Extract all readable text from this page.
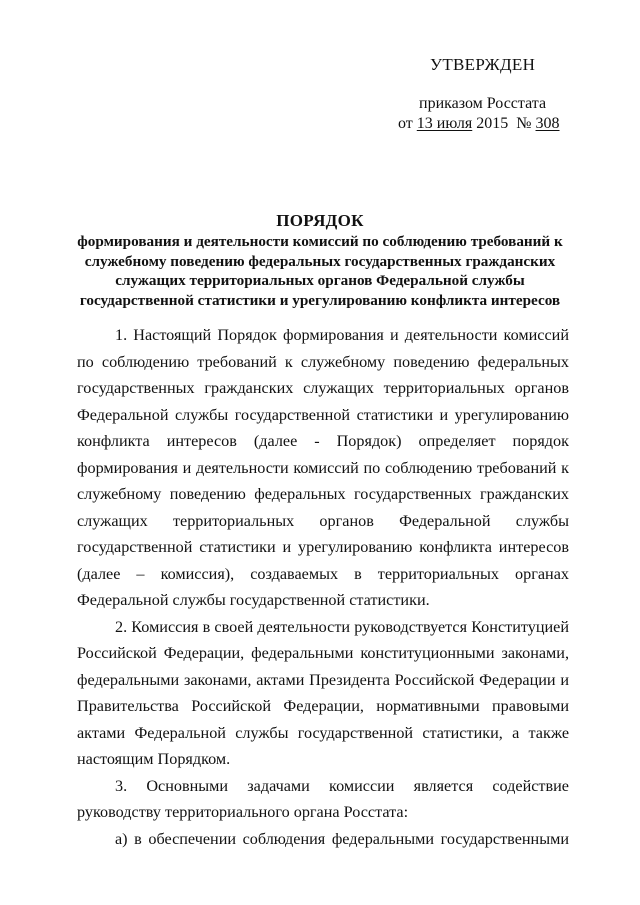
УТВЕРЖДЕН
приказом Росстата
от 13 июля 2015 № 308
ПОРЯДОК
формирования и деятельности комиссий по соблюдению требований к служебному поведению федеральных государственных гражданских служащих территориальных органов Федеральной службы государственной статистики и урегулированию конфликта интересов

1. Настоящий Порядок формирования и деятельности комиссий по соблюдению требований к служебному поведению федеральных государственных гражданских служащих территориальных органов Федеральной службы государственной статистики и урегулированию конфликта интересов (далее - Порядок) определяет порядок формирования и деятельности комиссий по соблюдению требований к служебному поведению федеральных государственных гражданских служащих территориальных органов Федеральной службы государственной статистики и урегулированию конфликта интересов (далее – комиссия), создаваемых в территориальных органах Федеральной службы государственной статистики.

2. Комиссия в своей деятельности руководствуется Конституцией Российской Федерации, федеральными конституционными законами, федеральными законами, актами Президента Российской Федерации и Правительства Российской Федерации, нормативными правовыми актами Федеральной службы государственной статистики, а также настоящим Порядком.

3. Основными задачами комиссии является содействие руководству территориального органа Росстата:

а) в обеспечении соблюдения федеральными государственными
